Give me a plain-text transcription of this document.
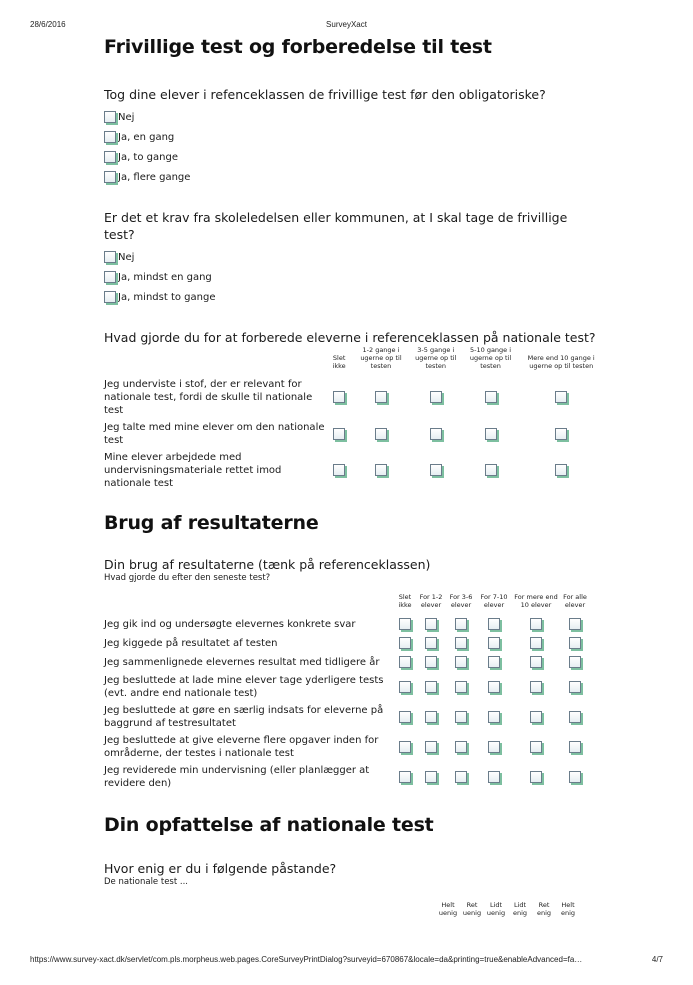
28/6/2016	SurveyXact
Frivillige test og forberedelse til test

Tog dine elever i refenceklassen de frivillige test før den obligatoriske?

Nej
Ja, en gang
Ja, to gange
Ja, flere gange

Er det et krav fra skoleledelsen eller kommunen, at I skal tage de frivillige test?

Nej
Ja, mindst en gang
Ja, mindst to gange

Hvad gjorde du for at forberede eleverne i referenceklassen på nationale test?

	Slet ikke	1-2 gange i ugerne op til testen	3-5 gange i ugerne op til testen	5-10 gange i ugerne op til testen	Mere end 10 gange i ugerne op til testen
Jeg underviste i stof, der er relevant for nationale test, fordi de skulle til nationale test					
Jeg talte med mine elever om den nationale test					
Mine elever arbejdede med undervisningsmateriale rettet imod nationale test					
Brug af resultaterne

Din brug af resultaterne (tænk på referenceklassen)

Hvad gjorde du efter den seneste test?

	Slet ikke	For 1-2 elever	For 3-6 elever	For 7-10 elever	For mere end 10 elever	For alle elever
Jeg gik ind og undersøgte elevernes konkrete svar						
Jeg kiggede på resultatet af testen						
Jeg sammenlignede elevernes resultat med tidligere år						
Jeg besluttede at lade mine elever tage yderligere tests (evt. andre end nationale test)						
Jeg besluttede at gøre en særlig indsats for eleverne på baggrund af testresultatet						
Jeg besluttede at give eleverne flere opgaver inden for områderne, der testes i nationale test						
Jeg reviderede min undervisning (eller planlægger at revidere den)						
Din opfattelse af nationale test

Hvor enig er du i følgende påstande?

De nationale test ...

	Helt uenig	Ret uenig	Lidt uenig	Lidt enig	Ret enig	Helt enig
https://www.survey-xact.dk/servlet/com.pls.morpheus.web.pages.CoreSurveyPrintDialog?surveyid=670867&locale=da&printing=true&enableAdvanced=fa…	4/7
